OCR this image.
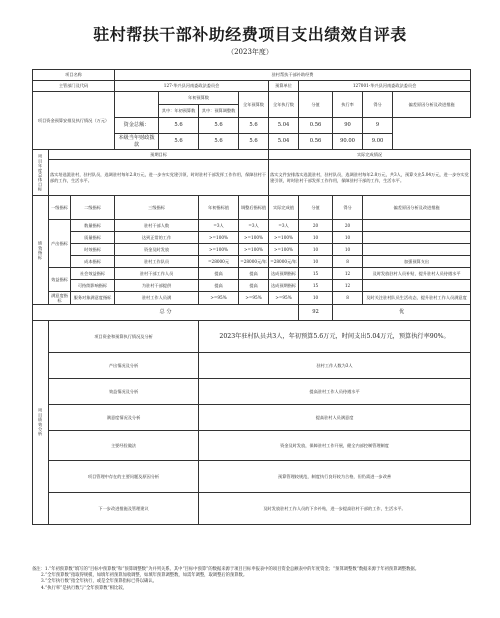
驻村帮扶干部补助经费项目支出绩效自评表
（2023年度）
项目名称			驻村帮扶干部补助经费								
主管部门及代码			127-华兴县河南委政法委员会				预算单位	127001-华兴县河南委政法委员会			
项目资金预算安排及执行情况（万元）				年初预算数		全年预算数	全年执行数	分值	执行率	得分	偏差原因分析及改进措施
				其中：年初预算数	其中：预算调整数						
			资金总额：	5.6	5.6	5.6	5.04	0.56	90	9	
			本级当年财政拨款	5.6	5.6	5.6	5.04	0.56	90.00	9.00	

项目年度总体目标	预期目标						实际完成情况				
	落实培选派驻村，驻村队员，选调驻村每年2.8万元，进一步夯实党建引领，时时驻村干部发挥工作作用，保障驻村干部的工作，生活水平。						落实文件安排落实选派驻村，驻村队员，选调驻村每年2.8万元，共3人，预算支出5.04万元，进一步夯实党建引领，时时驻村干部发挥工作作用，保障驻村干部的工作，生活水平。				

绩效指标	一级指标	二级指标	三级指标		年初指标值	调整后指标值	实际完成值	分值	得分	偏差原因分析及改进措施	
	产出指标	数量指标	驻村干部人数		=3人	=3人	=3人	20	20		
		质量指标	达到正常的工作		>=100%	>=100%	>=100%	10	10		
		时效指标	资金及时发放		>=100%	>=100%	>=100%	10	10		
		成本指标	驻村工作队员		=28000元	=28000元/年	=28000元/年	10	8	加强预算支出	
	效益指标	社会效益指标	驻村干部工作人员		提高	提高	达成预期指标	15	12	及时发放驻村人员补贴，提升驻村人员待遇水平	
		可持续影响指标	为驻村干部提供		提高	提高	达成预期指标	15	12		
	满意度指标	服务对象满意度指标	驻村工作人员满		>=95%	>=95%	>=95%	10	8	及时关注驻村队员生活动态，提升驻村工作人员满意度	
总 分								92	优		

项目绩效分析	项目资金和预算执行情况及分析				2023年驻村队员共3人，年初预算5.6万元，时间支出5.04万元，预算执行率90%。						
	产出情况及分析				驻村工作人数为3人						
	效益情况及分析				提高驻村工作人员待遇水平						
	满意度情况及分析				提高驻村人员满意度						
	主要经验做法				资金及时发放，保障驻村工作开展，健全内部控制管理制度						
	项目管理中存在的主要问题及原因分析				预算管理较规范，制度执行良好较为合格，但仍需进一步改善						
	下一步改进措施及管理建议				及时发放驻村工作人员的下乡补贴，进一步提高驻村干部的工作，生活水平。						
备注：1.“年初预算数”填写的“目标中预算数”和“预算调整数”为并列关系。其中“目标中预算”的数据来源于项目目标申报表中的项目资金总额表中的年度资金；“预算调整数”数据来源于年初预算调整数据。
2.“全年预算数”指取得规模，如填年初预算加收调整，如填年预算调整数，如需年调整，取调整后的预算数。
3.“全年执行数”指全年执行，或是全年预算指标已得以确认。
4.“执行率”是执行数与“全年预算数”相比较。
